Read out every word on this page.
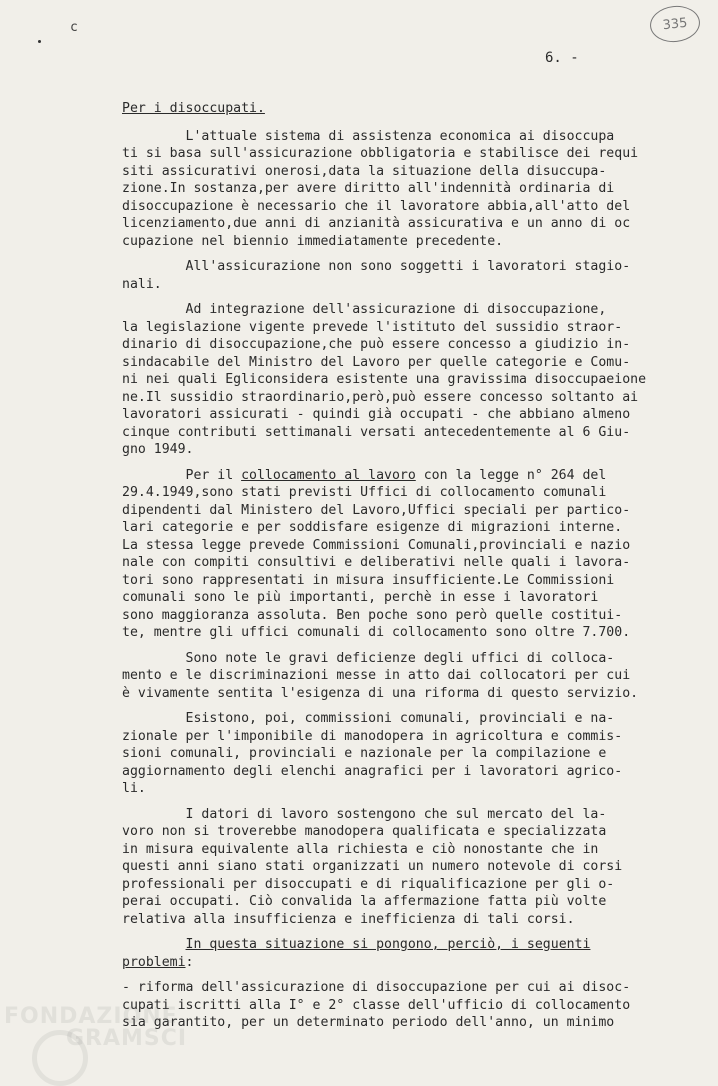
c	335
6. -
Per i disoccupati.
L'attuale sistema di assistenza economica ai disoccupa
ti si basa sull'assicurazione obbligatoria e stabilisce dei requi
siti assicurativi onerosi,data la situazione della disuccupa-
zione.In sostanza,per avere diritto all'indennità ordinaria di
disoccupazione è necessario che il lavoratore abbia,all'atto del
licenziamento,due anni di anzianità assicurativa e un anno di oc
cupazione nel biennio immediatamente precedente.
All'assicurazione non sono soggetti i lavoratori stagio-
nali.
Ad integrazione dell'assicurazione di disoccupazione,
la legislazione vigente prevede l'istituto del sussidio straor-
dinario di disoccupazione,che può essere concesso a giudizio in-
sindacabile del Ministro del Lavoro per quelle categorie e Comu-
ni nei quali Egliconsidera esistente una gravissima disoccupaeione
ne.Il sussidio straordinario,però,può essere concesso soltanto ai
lavoratori assicurati - quindi già occupati - che abbiano almeno
cinque contributi settimanali versati antecedentemente al 6 Giu-
gno 1949.
Per il collocamento al lavoro con la legge n° 264 del
29.4.1949,sono stati previsti Uffici di collocamento comunali
dipendenti dal Ministero del Lavoro,Uffici speciali per partico-
lari categorie e per soddisfare esigenze di migrazioni interne.
La stessa legge prevede Commissioni Comunali,provinciali e nazio
nale con compiti consultivi e deliberativi nelle quali i lavora-
tori sono rappresentati in misura insufficiente.Le Commissioni
comunali sono le più importanti, perchè in esse i lavoratori
sono maggioranza assoluta. Ben poche sono però quelle costitui-
te, mentre gli uffici comunali di collocamento sono oltre 7.700.
Sono note le gravi deficienze degli uffici di colloca-
mento e le discriminazioni messe in atto dai collocatori per cui
è vivamente sentita l'esigenza di una riforma di questo servizio.
Esistono, poi, commissioni comunali, provinciali e na-
zionale per l'imponibile di manodopera in agricoltura e commis-
sioni comunali, provinciali e nazionale per la compilazione e
aggiornamento degli elenchi anagrafici per i lavoratori agrico-
li.
I datori di lavoro sostengono che sul mercato del la-
voro non si troverebbe manodopera qualificata e specializzata
in misura equivalente alla richiesta e ciò nonostante che in
questi anni siano stati organizzati un numero notevole di corsi
professionali per disoccupati e di riqualificazione per gli o-
perai occupati. Ciò convalida la affermazione fatta più volte
relativa alla insufficienza e inefficienza di tali corsi.
In questa situazione si pongono, perciò, i seguenti
problemi:
- riforma dell'assicurazione di disoccupazione per cui ai disoc-
cupati iscritti alla I° e 2° classe dell'ufficio di collocamento
sia garantito, per un determinato periodo dell'anno, un minimo
FONDAZIONE
GRAMSCI
